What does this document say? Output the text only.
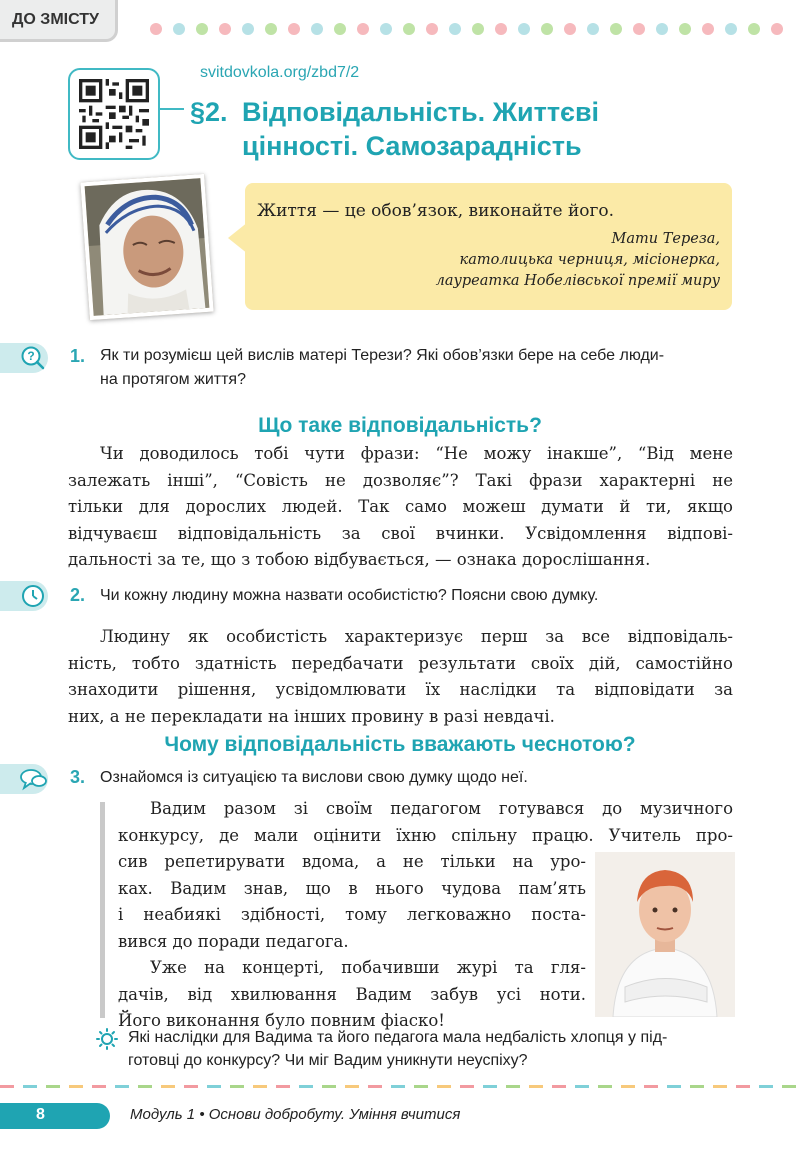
ДО ЗМІСТУ
svitdovkola.org/zbd7/2
§2. Відповідальність. Життєві
цінності. Самозарадність
Життя — це обов’язок, виконайте його.
Мати Тереза,
католицька черниця, місіонерка,
лауреатка Нобелівської премії миру
? 1. Як ти розумієш цей вислів матері Терези? Які обов’язки бере на себе люди-
на протягом життя?
Що таке відповідальність?
Чи доводилось тобі чути фрази: “Не можу інакше”, “Від мене
залежать інші”, “Совість не дозволяє”? Такі фрази характерні не
тільки для дорослих людей. Так само можеш думати й ти, якщо
відчуваєш відповідальність за свої вчинки. Усвідомлення відпові-
дальності за те, що з тобою відбувається, — ознака дорослішання.
2. Чи кожну людину можна назвати особистістю? Поясни свою думку.
Людину як особистість характеризує перш за все відповідаль-
ність, тобто здатність передбачати результати своїх дій, самостійно
знаходити рішення, усвідомлювати їх наслідки та відповідати за
них, а не перекладати на інших провину в разі невдачі.
Чому відповідальність вважають чеснотою?
3. Ознайомся із ситуацією та вислови свою думку щодо неї.
Вадим разом зі своїм педагогом готувався до музичного
конкурсу, де мали оцінити їхню спільну працю. Учитель про-
сив репетирувати вдома, а не тільки на уро-
ках. Вадим знав, що в нього чудова пам’ять
і неабиякі здібності, тому легковажно поста-
вився до поради педагога.
Уже на концерті, побачивши журі та гля-
дачів, від хвилювання Вадим забув усі ноти.
Його виконання було повним фіаско!
Які наслідки для Вадима та його педагога мала недбалість хлопця у під-
готовці до конкурсу? Чи міг Вадим уникнути неуспіху?
8	Модуль 1 • Основи добробуту. Уміння вчитися
